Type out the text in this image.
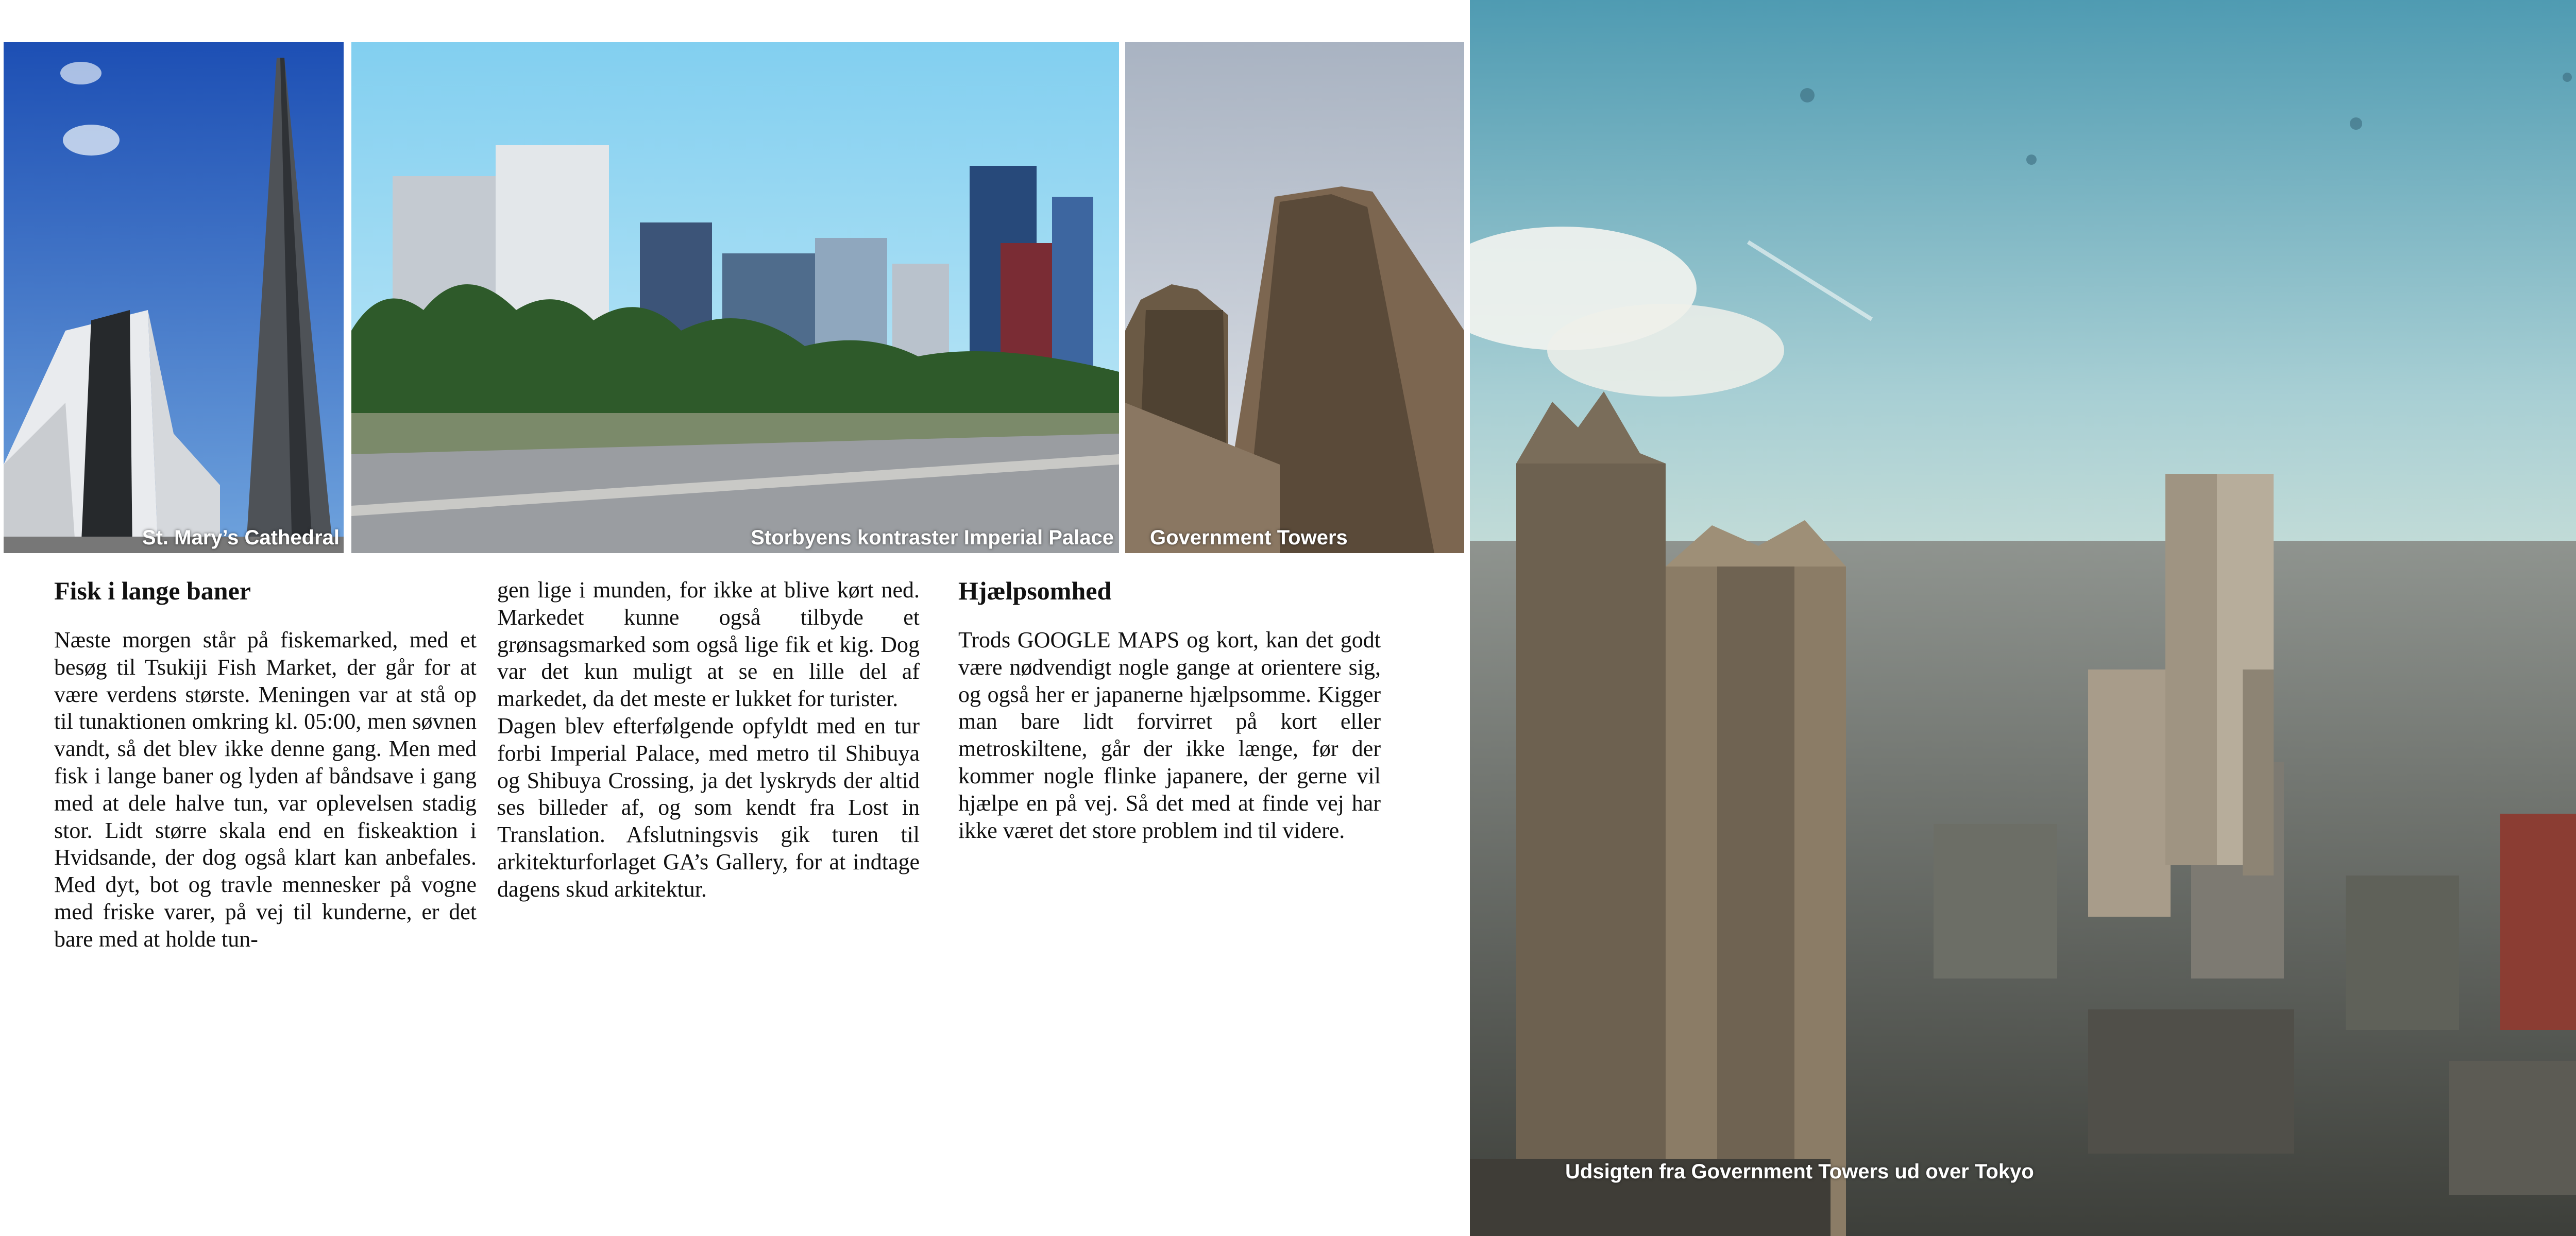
St. Mary’s Cathedral	Storbyens kontraster Imperial Palace Government Towers
Udsigten fra Government Towers ud over Tokyo
Fisk i lange baner

Næste morgen står på fiskemarked, med et besøg til Tsukiji Fish Market, der går for at være verdens største. Meningen var at stå op til tunaktionen omkring kl. 05:00, men søvnen vandt, så det blev ikke denne gang. Men med fisk i lange baner og lyden af båndsave i gang med at dele halve tun, var oplevelsen stadig stor. Lidt større skala end en fiskeaktion i Hvidsande, der dog også klart kan anbefales. Med dyt, bot og travle mennesker på vogne med friske varer, på vej til kunderne, er det bare med at holde tun-

gen lige i munden, for ikke at blive kørt ned. Markedet kunne også tilbyde et grønsagsmarked som også lige fik et kig. Dog var det kun muligt at se en lille del af markedet, da det meste er lukket for turister.

Dagen blev efterfølgende opfyldt med en tur forbi Imperial Palace, med metro til Shibuya og Shibuya Crossing, ja det lyskryds der altid ses billeder af, og som kendt fra Lost in Translation. Afslutningsvis gik turen til arkitekturforlaget GA’s Gallery, for at indtage dagens skud arkitektur.

Hjælpsomhed

Trods GOOGLE MAPS og kort, kan det godt være nødvendigt nogle gange at orientere sig, og også her er japanerne hjælpsomme. Kigger man bare lidt forvirret på kort eller metroskiltene, går der ikke længe, før der kommer nogle flinke japanere, der gerne vil hjælpe en på vej. Så det med at finde vej har ikke været det store problem ind til videre.
